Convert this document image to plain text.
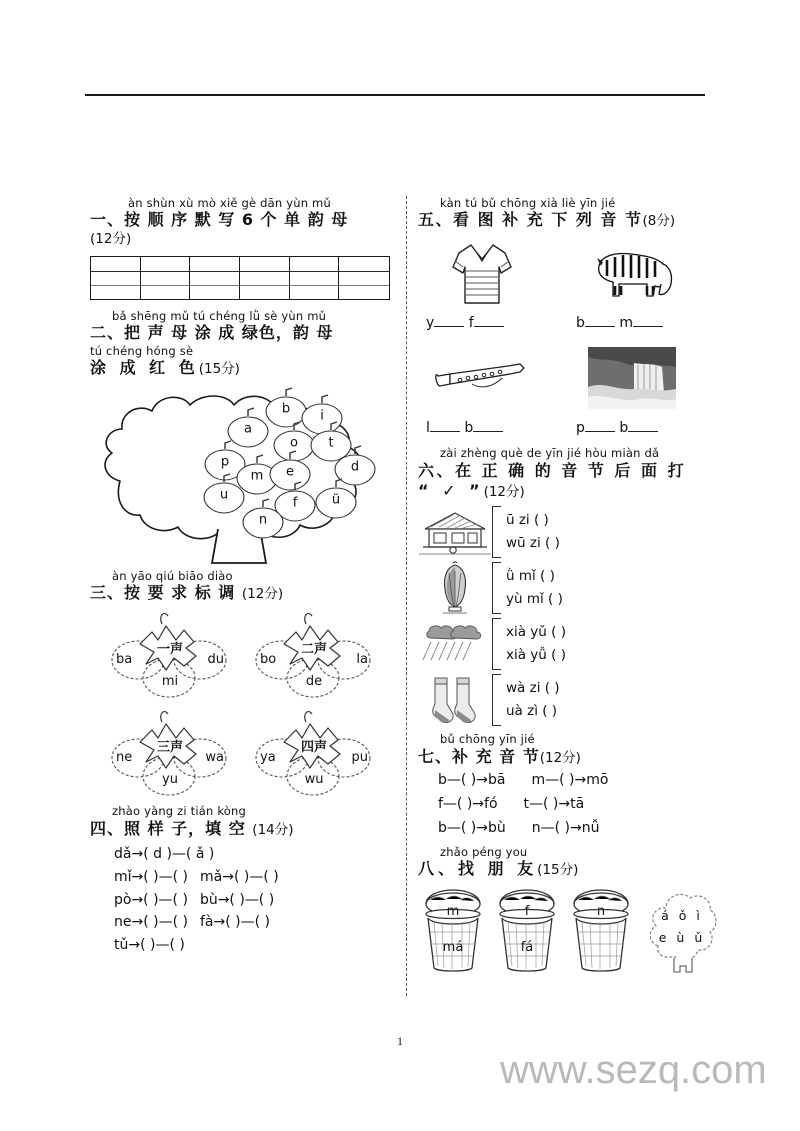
àn shùn xù mò xiě gè dān yùn mǔ
一、按 顺 序 默 写 6 个 单 韵 母
(12分)
bǎ shēng mǔ tú chéng lǜ sè yùn mǔ
二、把 声 母 涂 成 绿色，韵 母
tú chéng hóng sè
涂 成 红 色(15分)
a
b i
o t
p
m e	d
u
f	ü
n
àn yāo qiú biāo diào
三、按 要 求 标 调 (12分)
一声
ba	du
mi
二声
bo	la
de
三声
ne	wa
yu
四声
ya	pu
wu
zhào yàng zi tián kòng
四、照 样 子，填 空 (14分)
dǎ→( d )—( ǎ )
mǐ→( )—( ) mǎ→( )—( )
pò→( )—( ) bù→( )—( )
ne→( )—( ) fà→( )—( )
tǔ→( )—( )
kàn tú bǔ chōng xià liè yīn jié
五、看 图 补 充 下 列 音 节(8分)
y f	b m
l b	p b
zài zhèng què de yīn jié hòu miàn dǎ
六、在 正 确 的 音 节 后 面 打
“ ✓ ”(12分)
ū zi ( )
wū zi ( )
ǜ mǐ ( )
yù mǐ ( )
xià yǔ ( )
xià yǚ ( )
wà zi ( )
uà zì ( )
bǔ chōng yīn jié
七、补 充 音 节(12分)
b—( )→bā m—( )→mō
f—( )→fó t—( )→tā
b—( )→bù n—( )→nǚ
zhǎo péng you
八、找 朋 友(15分)
m
má
f
fá
n	á ǒ ì
e ù ǔ
1
www.sezq.com
